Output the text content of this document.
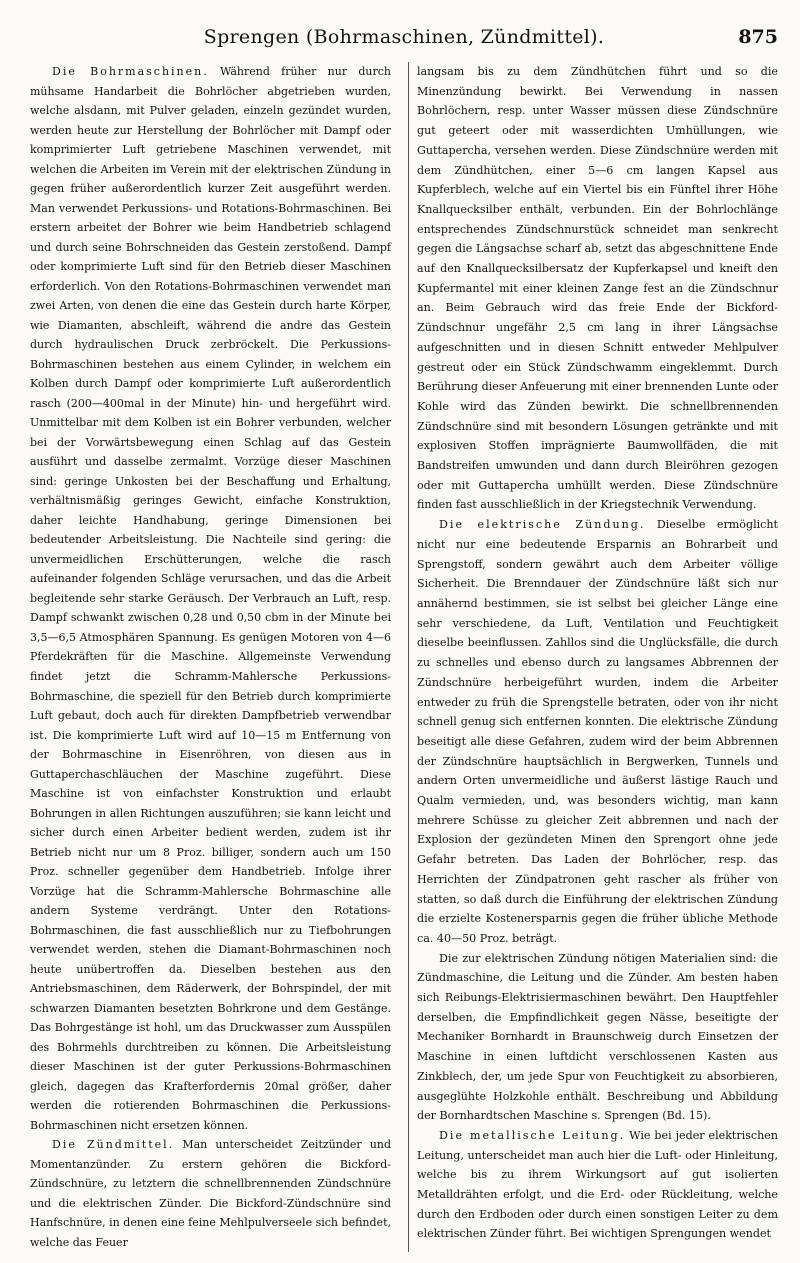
Sprengen (Bohrmaschinen, Zündmittel).	875

Die Bohrmaschinen. Während früher nur durch mühsame Handarbeit die Bohrlöcher abgetrieben wurden, welche alsdann, mit Pulver geladen, einzeln gezündet wurden, werden heute zur Herstellung der Bohrlöcher mit Dampf oder komprimierter Luft getriebene Maschinen verwendet, mit welchen die Arbeiten im Verein mit der elektrischen Zündung in gegen früher außerordentlich kurzer Zeit ausgeführt werden. Man verwendet Perkussions- und Rotations-Bohrmaschinen. Bei erstern arbeitet der Bohrer wie beim Handbetrieb schlagend und durch seine Bohrschneiden das Gestein zerstoßend. Dampf oder komprimierte Luft sind für den Betrieb dieser Maschinen erforderlich. Von den Rotations-Bohrmaschinen verwendet man zwei Arten, von denen die eine das Gestein durch harte Körper, wie Diamanten, abschleift, während die andre das Gestein durch hydraulischen Druck zerbröckelt. Die Perkussions-Bohrmaschinen bestehen aus einem Cylinder, in welchem ein Kolben durch Dampf oder komprimierte Luft außerordentlich rasch (200—400mal in der Minute) hin- und hergeführt wird. Unmittelbar mit dem Kolben ist ein Bohrer verbunden, welcher bei der Vorwärtsbewegung einen Schlag auf das Gestein ausführt und dasselbe zermalmt. Vorzüge dieser Maschinen sind: geringe Unkosten bei der Beschaffung und Erhaltung, verhältnismäßig geringes Gewicht, einfache Konstruktion, daher leichte Handhabung, geringe Dimensionen bei bedeutender Arbeitsleistung. Die Nachteile sind gering: die unvermeidlichen Erschütterungen, welche die rasch aufeinander folgenden Schläge verursachen, und das die Arbeit begleitende sehr starke Geräusch. Der Verbrauch an Luft, resp. Dampf schwankt zwischen 0,28 und 0,50 cbm in der Minute bei 3,5—6,5 Atmosphären Spannung. Es genügen Motoren von 4—6 Pferdekräften für die Maschine. Allgemeinste Verwendung findet jetzt die Schramm-Mahlersche Perkussions-Bohrmaschine, die speziell für den Betrieb durch komprimierte Luft gebaut, doch auch für direkten Dampfbetrieb verwendbar ist. Die komprimierte Luft wird auf 10—15 m Entfernung von der Bohrmaschine in Eisenröhren, von diesen aus in Guttaperchaschläuchen der Maschine zugeführt. Diese Maschine ist von einfachster Konstruktion und erlaubt Bohrungen in allen Richtungen auszuführen; sie kann leicht und sicher durch einen Arbeiter bedient werden, zudem ist ihr Betrieb nicht nur um 8 Proz. billiger, sondern auch um 150 Proz. schneller gegenüber dem Handbetrieb. Infolge ihrer Vorzüge hat die Schramm-Mahlersche Bohrmaschine alle andern Systeme verdrängt. Unter den Rotations-Bohrmaschinen, die fast ausschließlich nur zu Tiefbohrungen verwendet werden, stehen die Diamant-Bohrmaschinen noch heute unübertroffen da. Dieselben bestehen aus den Antriebsmaschinen, dem Räderwerk, der Bohrspindel, der mit schwarzen Diamanten besetzten Bohrkrone und dem Gestänge. Das Bohrgestänge ist hohl, um das Druckwasser zum Ausspülen des Bohrmehls durchtreiben zu können. Die Arbeitsleistung dieser Maschinen ist der guter Perkussions-Bohrmaschinen gleich, dagegen das Krafterfordernis 20mal größer, daher werden die rotierenden Bohrmaschinen die Perkussions-Bohrmaschinen nicht ersetzen können.

Die Zündmittel. Man unterscheidet Zeitzünder und Momentanzünder. Zu erstern gehören die Bickford-Zündschnüre, zu letztern die schnellbrennenden Zündschnüre und die elektrischen Zünder. Die Bickford-Zündschnüre sind Hanfschnüre, in denen eine feine Mehlpulverseele sich befindet, welche das Feuer

langsam bis zu dem Zündhütchen führt und so die Minenzündung bewirkt. Bei Verwendung in nassen Bohrlöchern, resp. unter Wasser müssen diese Zündschnüre gut geteert oder mit wasserdichten Umhüllungen, wie Guttapercha, versehen werden. Diese Zündschnüre werden mit dem Zündhütchen, einer 5—6 cm langen Kapsel aus Kupferblech, welche auf ein Viertel bis ein Fünftel ihrer Höhe Knallquecksilber enthält, verbunden. Ein der Bohrlochlänge entsprechendes Zündschnurstück schneidet man senkrecht gegen die Längsachse scharf ab, setzt das abgeschnittene Ende auf den Knallquecksilbersatz der Kupferkapsel und kneift den Kupfermantel mit einer kleinen Zange fest an die Zündschnur an. Beim Gebrauch wird das freie Ende der Bickford-Zündschnur ungefähr 2,5 cm lang in ihrer Längsachse aufgeschnitten und in diesen Schnitt entweder Mehlpulver gestreut oder ein Stück Zündschwamm eingeklemmt. Durch Berührung dieser Anfeuerung mit einer brennenden Lunte oder Kohle wird das Zünden bewirkt. Die schnellbrennenden Zündschnüre sind mit besondern Lösungen getränkte und mit explosiven Stoffen imprägnierte Baumwollfäden, die mit Bandstreifen umwunden und dann durch Bleiröhren gezogen oder mit Guttapercha umhüllt werden. Diese Zündschnüre finden fast ausschließlich in der Kriegstechnik Verwendung.

Die elektrische Zündung. Dieselbe ermöglicht nicht nur eine bedeutende Ersparnis an Bohrarbeit und Sprengstoff, sondern gewährt auch dem Arbeiter völlige Sicherheit. Die Brenndauer der Zündschnüre läßt sich nur annähernd bestimmen, sie ist selbst bei gleicher Länge eine sehr verschiedene, da Luft, Ventilation und Feuchtigkeit dieselbe beeinflussen. Zahllos sind die Unglücksfälle, die durch zu schnelles und ebenso durch zu langsames Abbrennen der Zündschnüre herbeigeführt wurden, indem die Arbeiter entweder zu früh die Sprengstelle betraten, oder von ihr nicht schnell genug sich entfernen konnten. Die elektrische Zündung beseitigt alle diese Gefahren, zudem wird der beim Abbrennen der Zündschnüre hauptsächlich in Bergwerken, Tunnels und andern Orten unvermeidliche und äußerst lästige Rauch und Qualm vermieden, und, was besonders wichtig, man kann mehrere Schüsse zu gleicher Zeit abbrennen und nach der Explosion der gezündeten Minen den Sprengort ohne jede Gefahr betreten. Das Laden der Bohrlöcher, resp. das Herrichten der Zündpatronen geht rascher als früher von statten, so daß durch die Einführung der elektrischen Zündung die erzielte Kostenersparnis gegen die früher übliche Methode ca. 40—50 Proz. beträgt.

Die zur elektrischen Zündung nötigen Materialien sind: die Zündmaschine, die Leitung und die Zünder. Am besten haben sich Reibungs-Elektrisiermaschinen bewährt. Den Hauptfehler derselben, die Empfindlichkeit gegen Nässe, beseitigte der Mechaniker Bornhardt in Braunschweig durch Einsetzen der Maschine in einen luftdicht verschlossenen Kasten aus Zinkblech, der, um jede Spur von Feuchtigkeit zu absorbieren, ausgeglühte Holzkohle enthält. Beschreibung und Abbildung der Bornhardtschen Maschine s. Sprengen (Bd. 15).

Die metallische Leitung. Wie bei jeder elektrischen Leitung, unterscheidet man auch hier die Luft- oder Hinleitung, welche bis zu ihrem Wirkungsort auf gut isolierten Metalldrähten erfolgt, und die Erd- oder Rückleitung, welche durch den Erdboden oder durch einen sonstigen Leiter zu dem elektrischen Zünder führt. Bei wichtigen Sprengungen wendet
